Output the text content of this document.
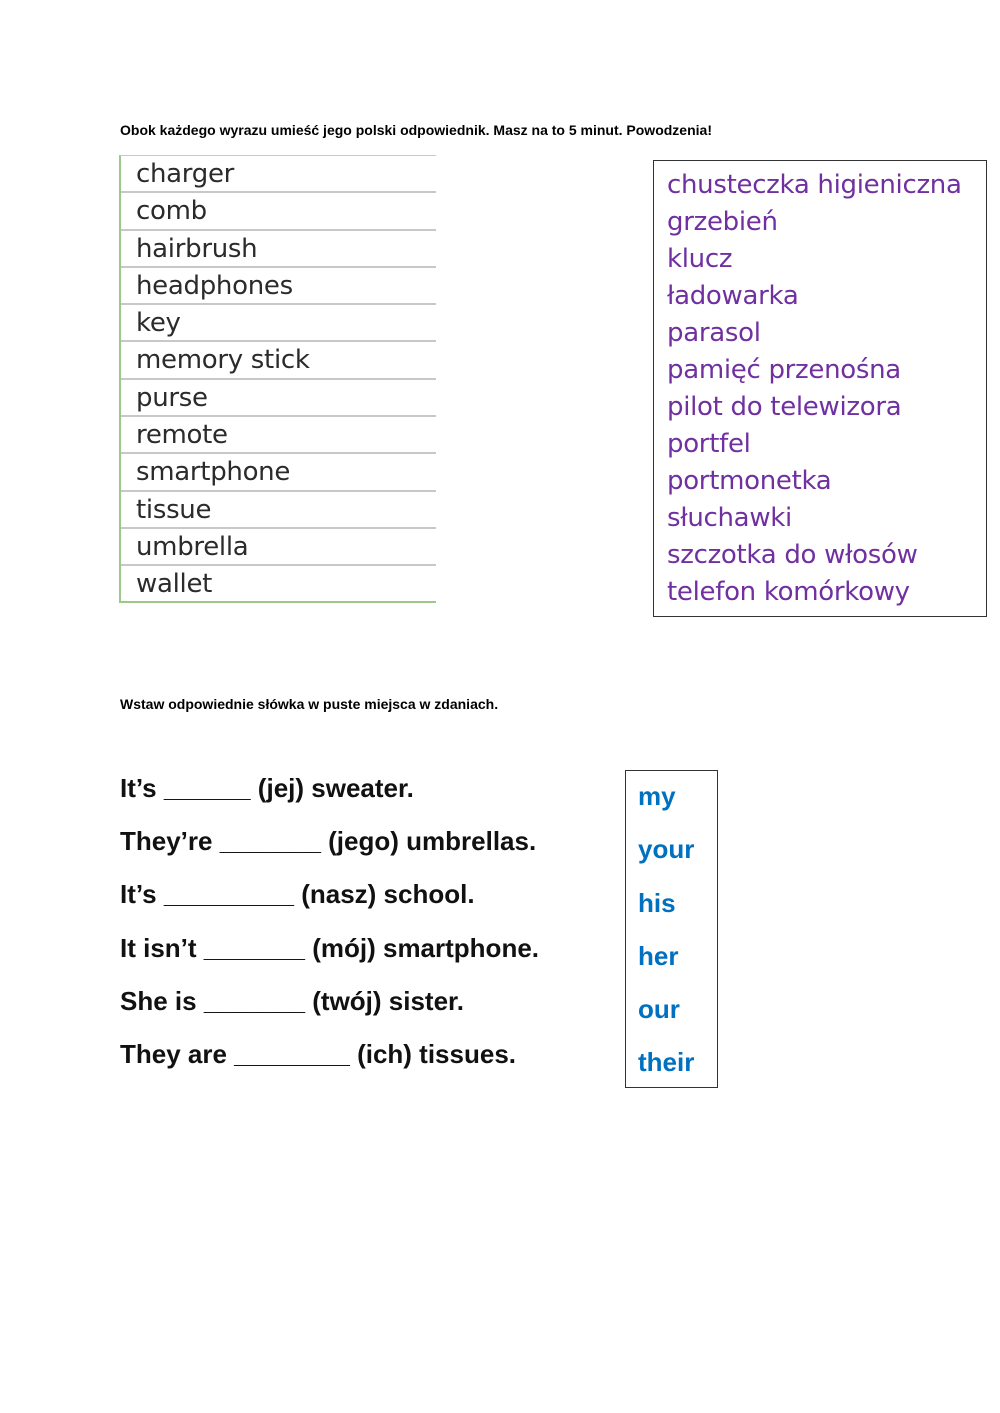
Obok każdego wyrazu umieść jego polski odpowiednik. Masz na to 5 minut. Powodzenia!
charger
comb
hairbrush
headphones
key
memory stick
purse
remote
smartphone
tissue
umbrella
wallet
chusteczka higieniczna
grzebień
klucz
ładowarka
parasol
pamięć przenośna
pilot do telewizora
portfel
portmonetka
słuchawki
szczotka do włosów
telefon komórkowy
Wstaw odpowiednie słówka w puste miejsca w zdaniach.
It’s ______ (jej) sweater.
They’re _______ (jego) umbrellas.
It’s _________ (nasz) school.
It isn’t _______ (mój) smartphone.
She is _______ (twój) sister.
They are ________ (ich) tissues.
my
your
his
her
our
their
